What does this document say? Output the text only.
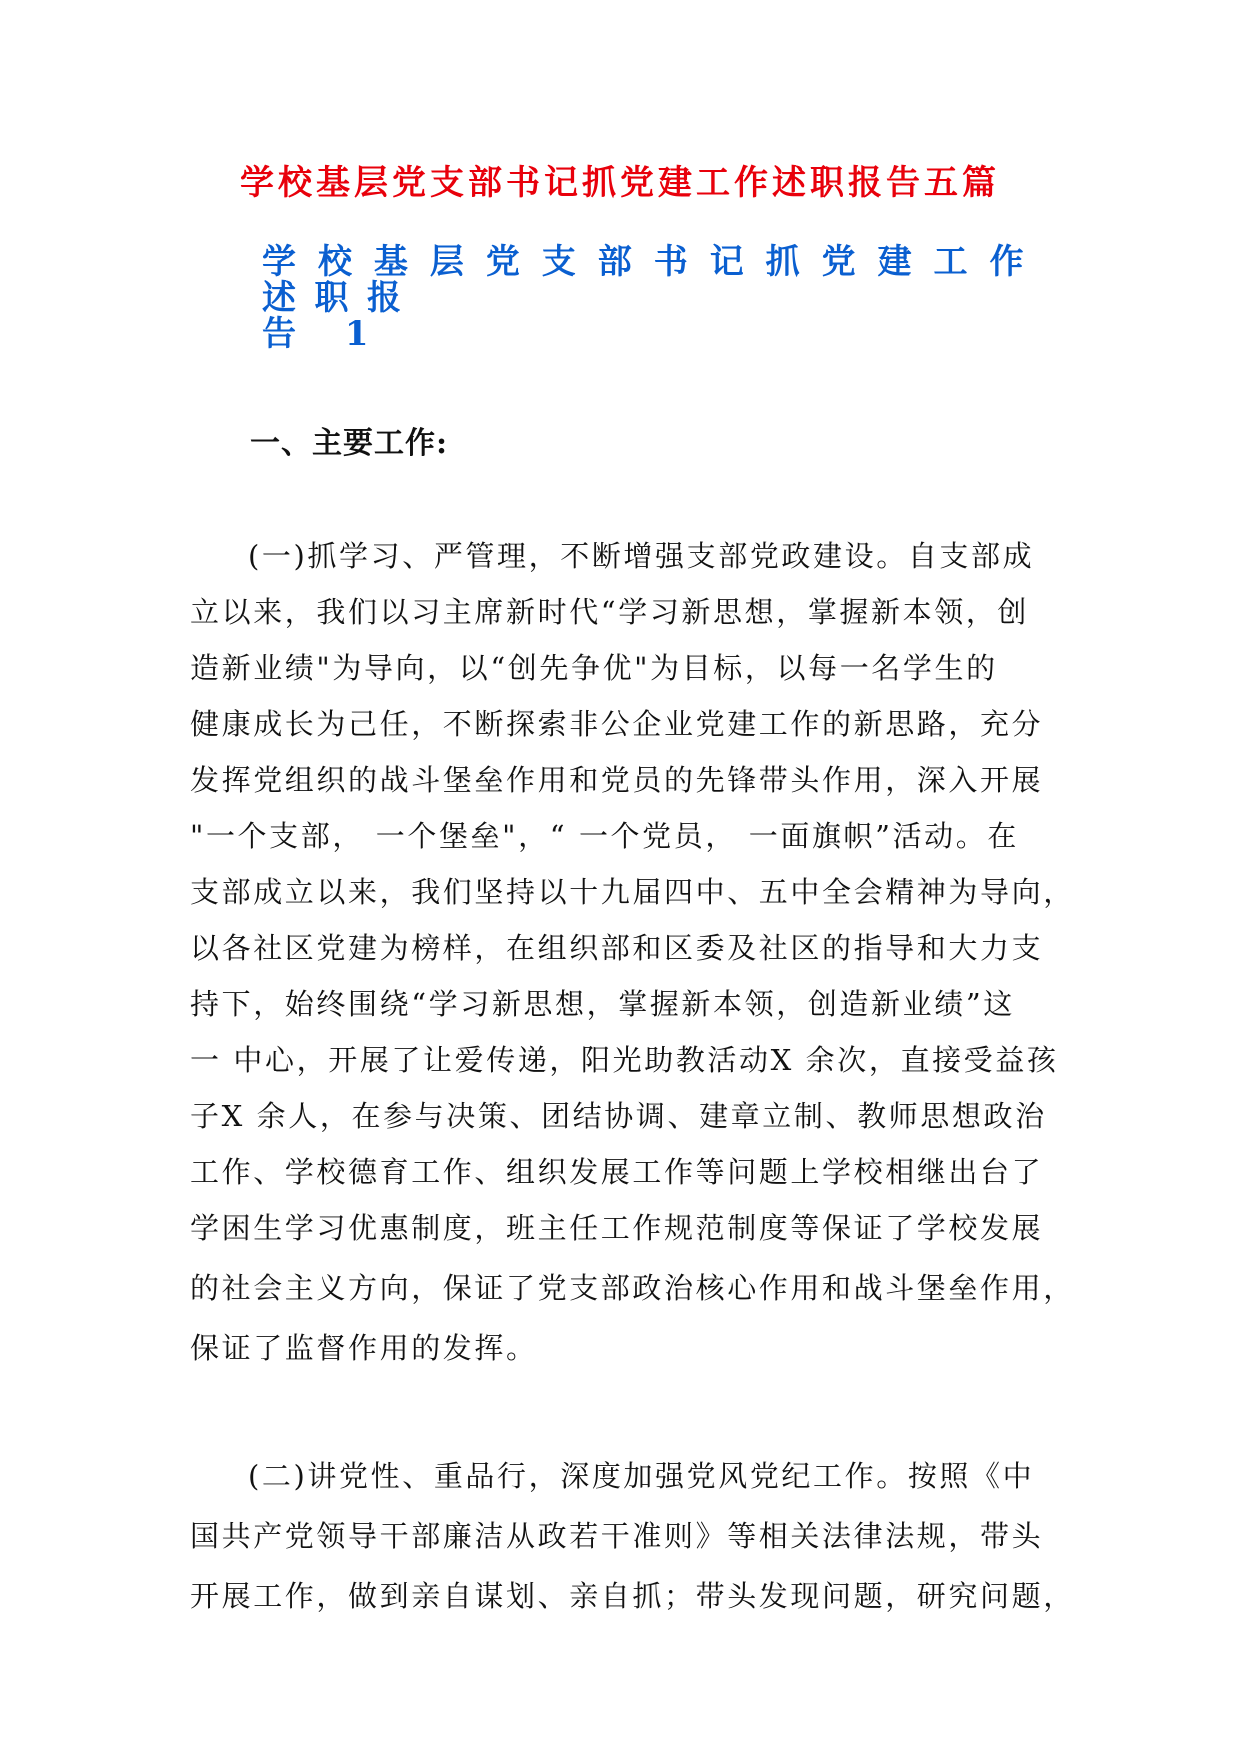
学校基层党支部书记抓党建工作述职报告五篇
学校基层党支部书记抓党建工作述职报
告 1
一、主要工作:
(一)抓学习、严管理，不断增强支部党政建设。自支部成
立以来，我们以习主席新时代“学习新思想，掌握新本领，创
造新业绩"为导向，以“创先争优"为目标，以每一名学生的
健康成长为己任，不断探索非公企业党建工作的新思路，充分
发挥党组织的战斗堡垒作用和党员的先锋带头作用，深入开展
"一个支部， 一个堡垒"，“ 一个党员， 一面旗帜”活动。在
支部成立以来，我们坚持以十九届四中、五中全会精神为导向，
以各社区党建为榜样，在组织部和区委及社区的指导和大力支
持下，始终围绕“学习新思想，掌握新本领，创造新业绩”这
一 中心，开展了让爱传递，阳光助教活动X 余次，直接受益孩
子X 余人，在参与决策、团结协调、建章立制、教师思想政治
工作、学校德育工作、组织发展工作等问题上学校相继出台了
学困生学习优惠制度，班主任工作规范制度等保证了学校发展
的社会主义方向，保证了党支部政治核心作用和战斗堡垒作用，
保证了监督作用的发挥。
(二)讲党性、重品行，深度加强党风党纪工作。按照《中
国共产党领导干部廉洁从政若干准则》等相关法律法规，带头
开展工作，做到亲自谋划、亲自抓；带头发现问题，研究问题，
